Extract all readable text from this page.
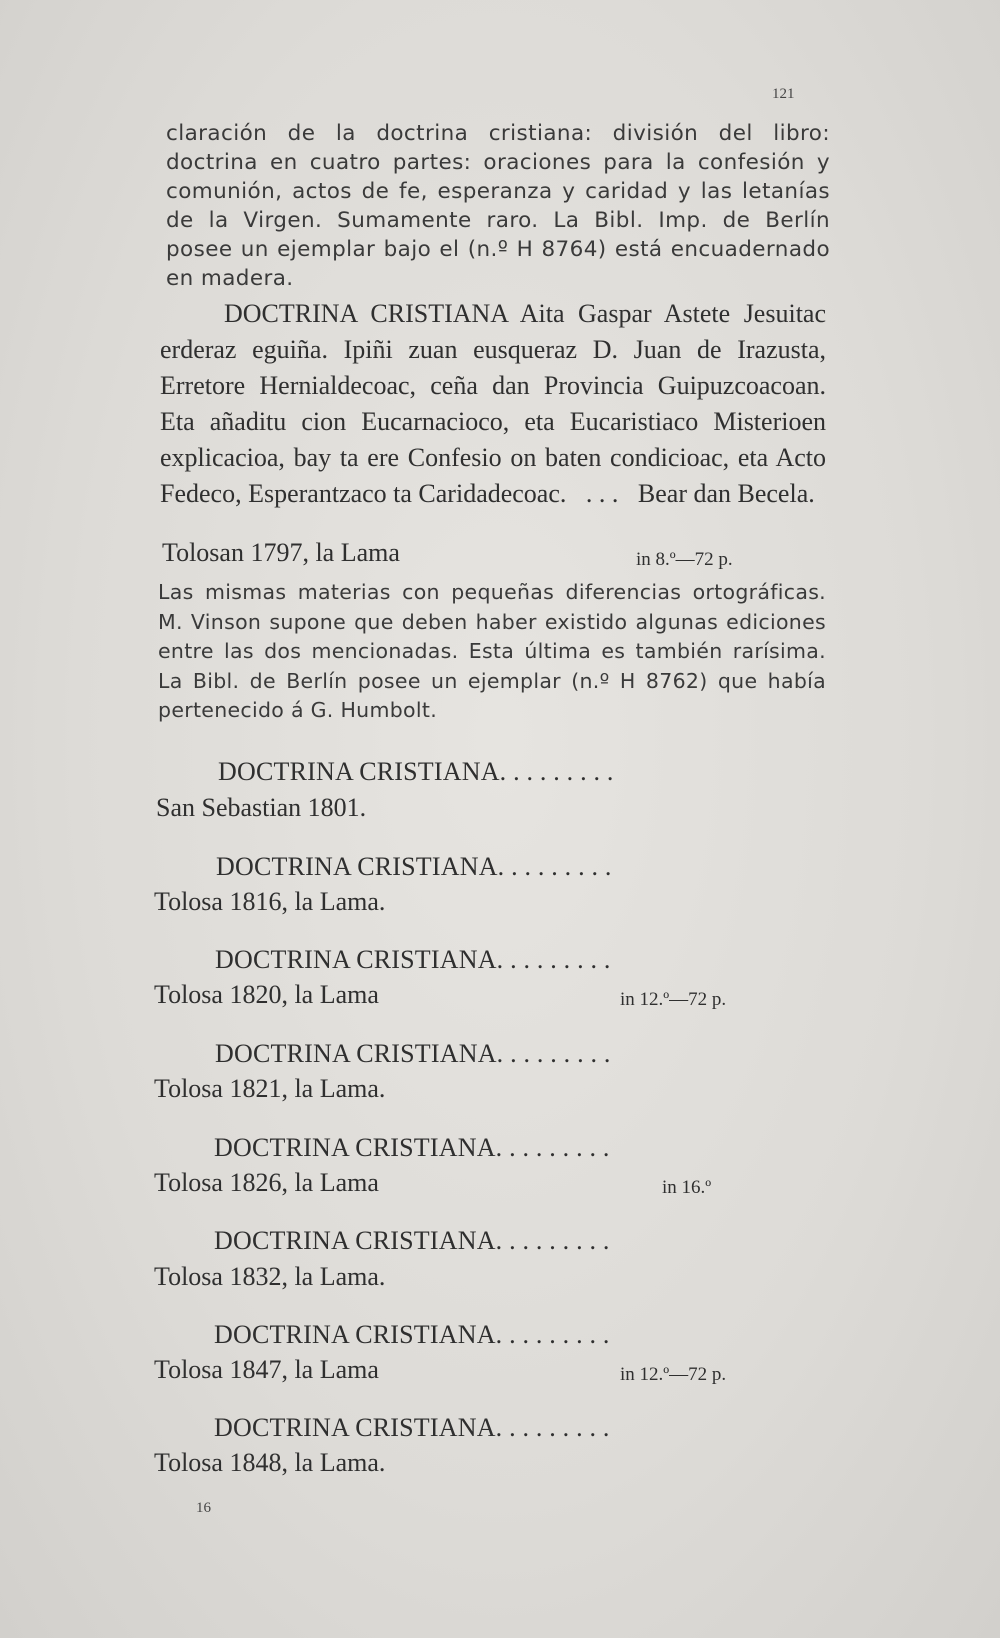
121
claración de la doctrina cristiana: división del libro: doctrina en cuatro partes: oraciones para la confesión y comunión, actos de fe, esperanza y caridad y las letanías de la Virgen. Sumamente raro. La Bibl. Imp. de Berlín posee un ejemplar bajo el (n.º H 8764) está encuadernado en madera.
DOCTRINA CRISTIANA Aita Gaspar Astete Jesuitac erderaz eguiña. Ipiñi zuan eusqueraz D. Juan de Irazusta, Erretore Hernialdecoac, ceña dan Provincia Guipuzcoacoan. Eta añaditu cion Eucarnacioco, eta Eucaristiaco Misterioen explicacioa, bay ta ere Confesio on baten condicioac, eta Acto Fedeco, Esperantzaco ta Caridadecoac. . . . Bear dan Becela.
Tolosan 1797, la Lama	in 8.º—72 p.
Las mismas materias con pequeñas diferencias ortográficas. M. Vinson supone que deben haber existido algunas ediciones entre las dos mencionadas. Esta última es también rarísima. La Bibl. de Berlín posee un ejemplar (n.º H 8762) que había pertenecido á G. Humbolt.
DOCTRINA CRISTIANA. . . . . . . . .
San Sebastian 1801.
DOCTRINA CRISTIANA. . . . . . . . .
Tolosa 1816, la Lama.
DOCTRINA CRISTIANA. . . . . . . . .
Tolosa 1820, la Lama	in 12.º—72 p.
DOCTRINA CRISTIANA. . . . . . . . .
Tolosa 1821, la Lama.
DOCTRINA CRISTIANA. . . . . . . . .
Tolosa 1826, la Lama	in 16.º
DOCTRINA CRISTIANA. . . . . . . . .
Tolosa 1832, la Lama.
DOCTRINA CRISTIANA. . . . . . . . .
Tolosa 1847, la Lama	in 12.º—72 p.
DOCTRINA CRISTIANA. . . . . . . . .
Tolosa 1848, la Lama.
16
